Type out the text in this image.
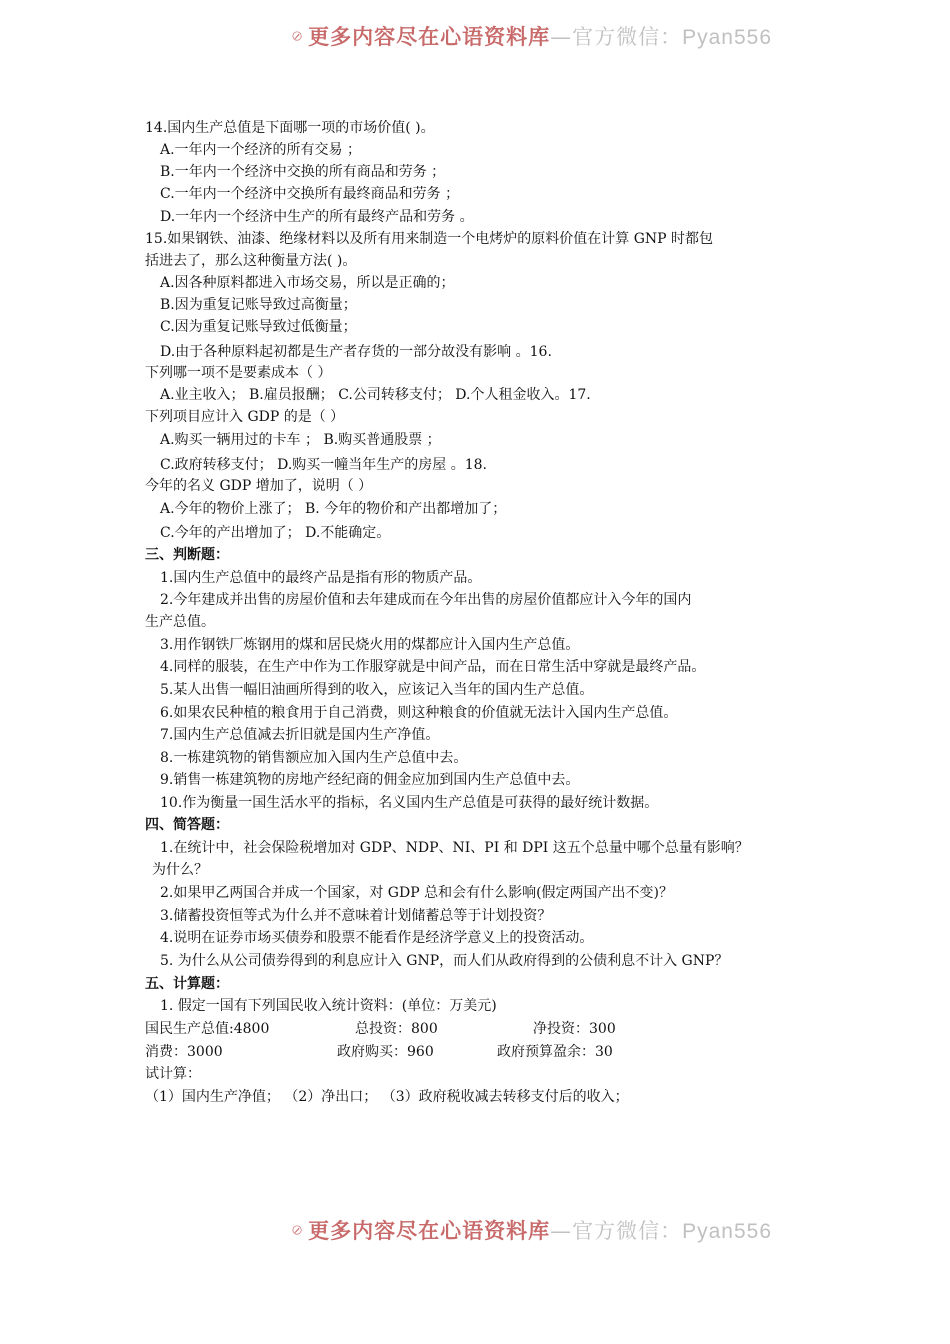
更多内容尽在心语资料库—官方微信：Pyan556
14.国内生产总值是下面哪一项的市场价值( )。
A.一年内一个经济的所有交易 ；
B.一年内一个经济中交换的所有商品和劳务 ；
C.一年内一个经济中交换所有最终商品和劳务 ；
D.一年内一个经济中生产的所有最终产品和劳务 。
15.如果钢铁、油漆、绝缘材料以及所有用来制造一个电烤炉的原料价值在计算 GNP 时都包
括进去了，那么这种衡量方法( )。
A.因各种原料都进入市场交易，所以是正确的；
B.因为重复记账导致过高衡量；
C.因为重复记账导致过低衡量；
D.由于各种原料起初都是生产者存货的一部分故没有影响 。16.
下列哪一项不是要素成本（ ）
A.业主收入； B.雇员报酬； C.公司转移支付； D.个人租金收入。17.
下列项目应计入 GDP 的是（ ）
A.购买一辆用过的卡车 ； B.购买普通股票 ；
C.政府转移支付； D.购买一幢当年生产的房屋 。18.
今年的名义 GDP 增加了，说明（ ）
A.今年的物价上涨了； B. 今年的物价和产出都增加了；
C.今年的产出增加了； D.不能确定。
三、判断题：
1.国内生产总值中的最终产品是指有形的物质产品。
2.今年建成并出售的房屋价值和去年建成而在今年出售的房屋价值都应计入今年的国内
生产总值。
3.用作钢铁厂炼钢用的煤和居民烧火用的煤都应计入国内生产总值。
4.同样的服装，在生产中作为工作服穿就是中间产品，而在日常生活中穿就是最终产品。
5.某人出售一幅旧油画所得到的收入，应该记入当年的国内生产总值。
6.如果农民种植的粮食用于自己消费，则这种粮食的价值就无法计入国内生产总值。
7.国内生产总值减去折旧就是国内生产净值。
8.一栋建筑物的销售额应加入国内生产总值中去。
9.销售一栋建筑物的房地产经纪商的佣金应加到国内生产总值中去。
10.作为衡量一国生活水平的指标，名义国内生产总值是可获得的最好统计数据。
四、简答题：
1.在统计中，社会保险税增加对 GDP、NDP、NI、PI 和 DPI 这五个总量中哪个总量有影响？
为什么？
2.如果甲乙两国合并成一个国家，对 GDP 总和会有什么影响(假定两国产出不变)？
3.储蓄投资恒等式为什么并不意味着计划储蓄总等于计划投资？
4.说明在证券市场买债券和股票不能看作是经济学意义上的投资活动。
5. 为什么从公司债券得到的利息应计入 GNP，而人们从政府得到的公债利息不计入 GNP？
五、计算题：
1. 假定一国有下列国民收入统计资料：(单位：万美元)
国民生产总值:4800	总投资：800	净投资：300
消费：3000	政府购买：960	政府预算盈余：30
试计算：
（1）国内生产净值； （2）净出口； （3）政府税收减去转移支付后的收入；
更多内容尽在心语资料库—官方微信：Pyan556
